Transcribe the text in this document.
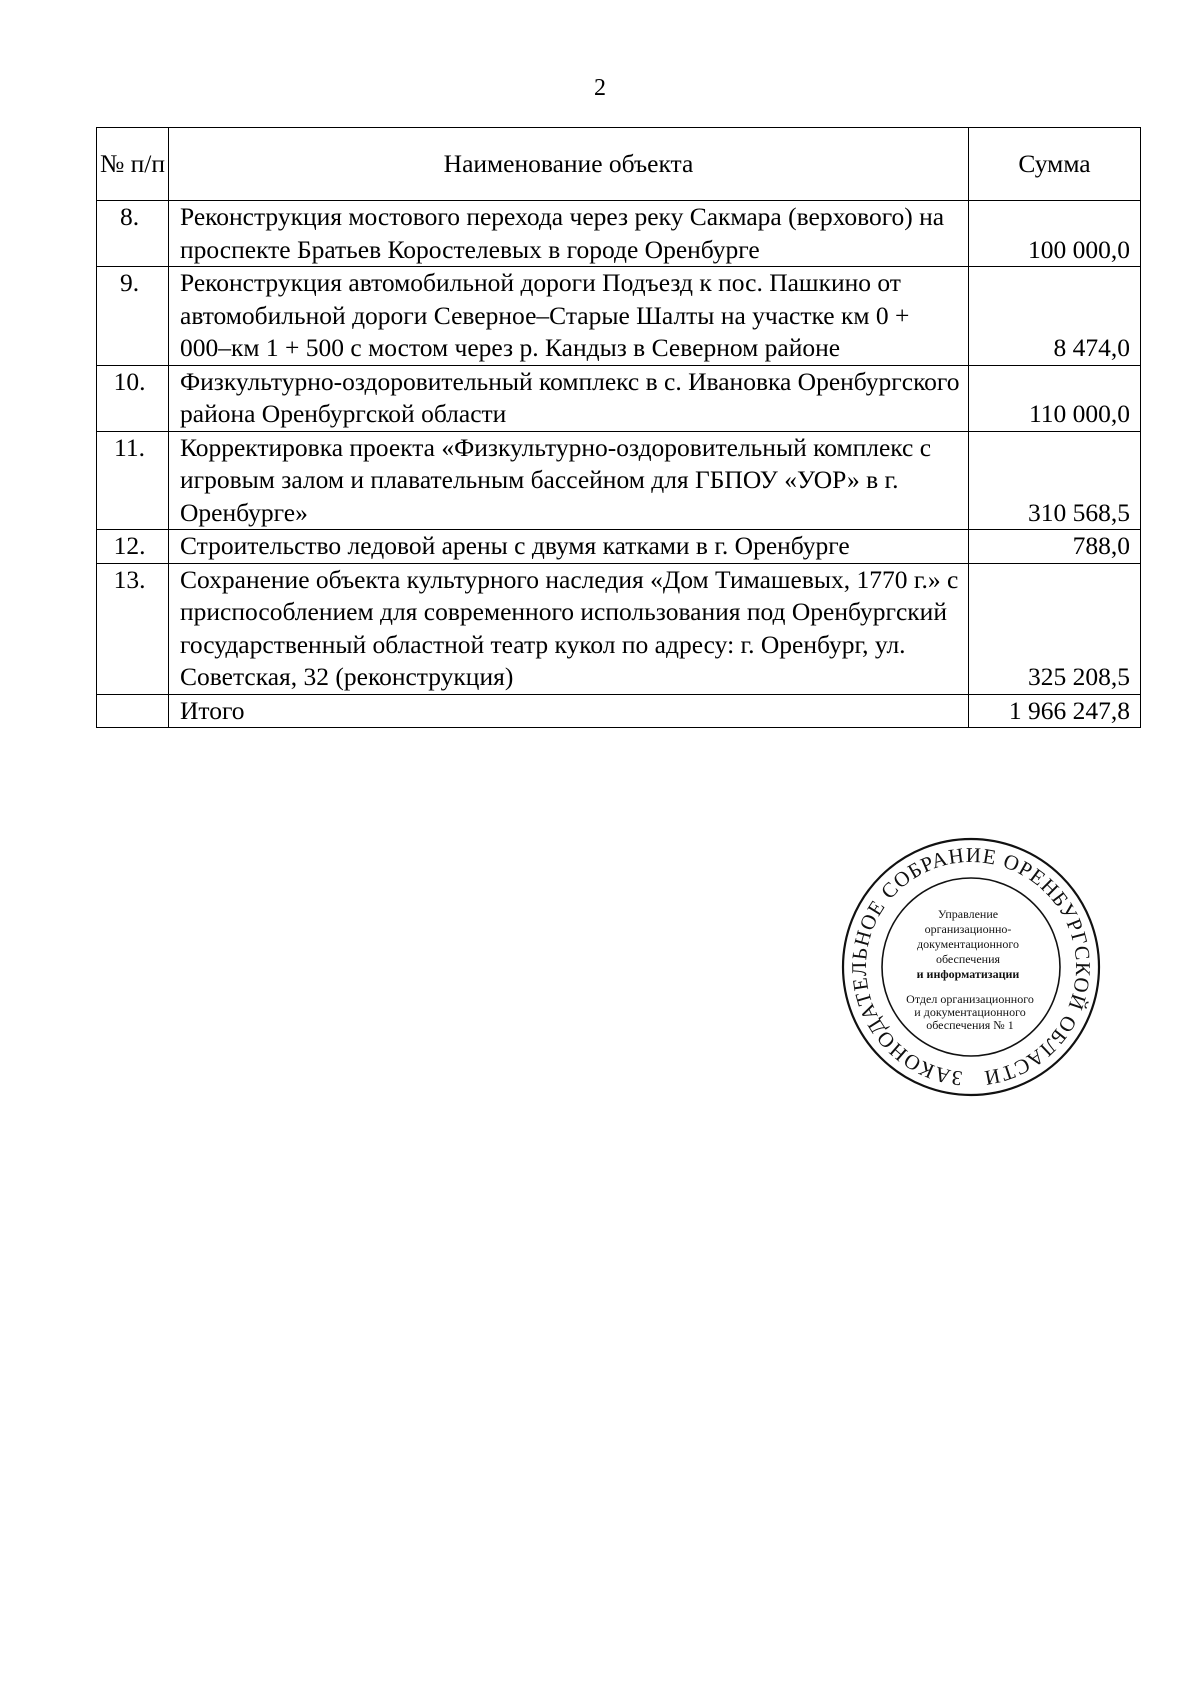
2
№ п/п	Наименование объекта	Сумма
8.	Реконструкция мостового перехода через реку Сакмара (верхового) на проспекте Братьев Коростелевых в городе Оренбурге	100 000,0
9.	Реконструкция автомобильной дороги Подъезд к пос. Пашкино от автомобильной дороги Северное–Старые Шалты на участке км 0 + 000–км 1 + 500 с мостом через р. Кандыз в Северном районе	8 474,0
10.	Физкультурно-оздоровительный комплекс в с. Ивановка Оренбургского района Оренбургской области	110 000,0
11.	Корректировка проекта «Физкультурно-оздоровительный комплекс с игровым залом и плавательным бассейном для ГБПОУ «УОР» в г. Оренбурге»	310 568,5
12.	Строительство ледовой арены с двумя катками в г. Оренбурге	788,0
13.	Сохранение объекта культурного наследия «Дом Тимашевых, 1770 г.» с приспособлением для современного использования под Оренбургский государственный областной театр кукол по адресу: г. Оренбург, ул. Советская, 32 (реконструкция)	325 208,5
	Итого	1 966 247,8
ЗАКОНОДАТЕЛЬНОЕ СОБРАНИЕ ОРЕНБУРГСКОЙ ОБЛАСТИ
Управление
организационно-
документационного
обеспечения
и информатизации
Отдел организационного
и документационного
обеспечения № 1
